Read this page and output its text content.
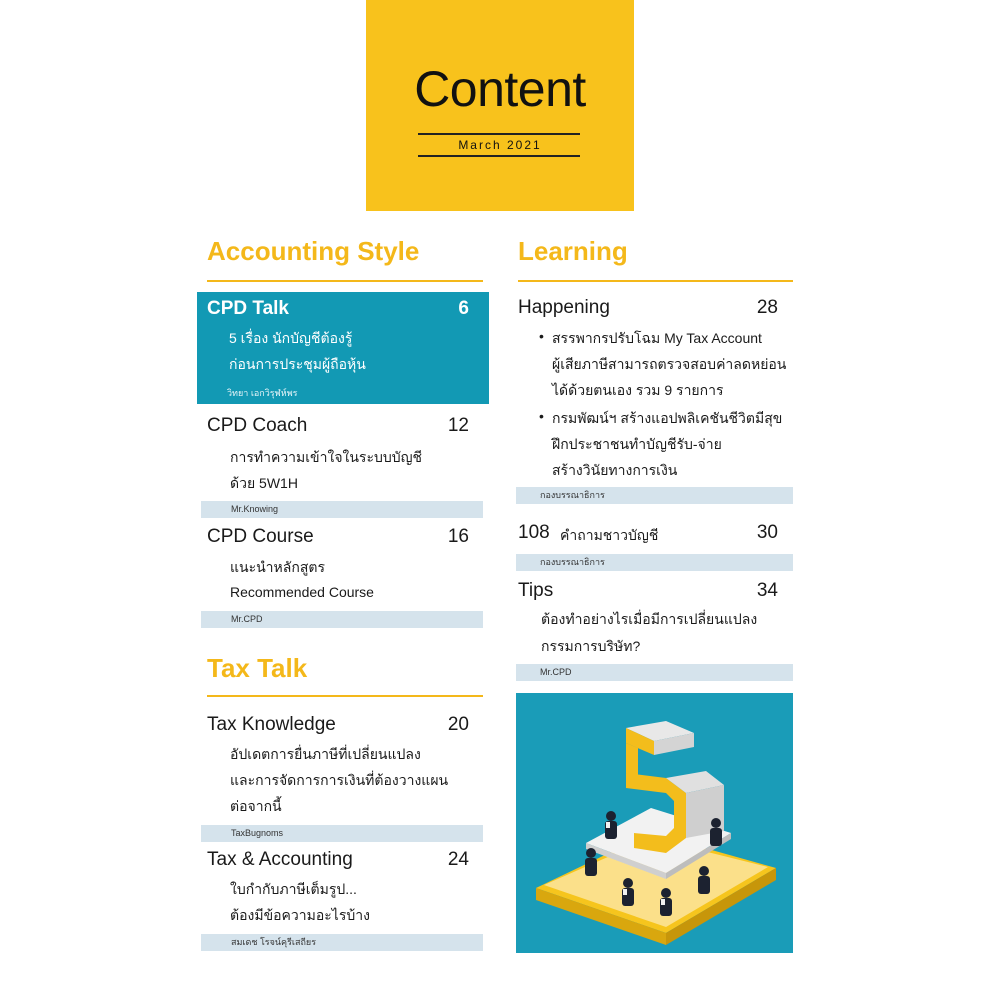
Content
March 2021
Accounting Style
CPD Talk	6
5 เรื่อง นักบัญชีต้องรู้
ก่อนการประชุมผู้ถือหุ้น
วิทยา เอกวิรุฬห์พร
CPD Coach	12
การทำความเข้าใจในระบบบัญชี
ด้วย 5W1H
Mr.Knowing
CPD Course	16
แนะนำหลักสูตร
Recommended Course
Mr.CPD
Tax Talk
Tax Knowledge	20
อัปเดตการยื่นภาษีที่เปลี่ยนแปลง
และการจัดการการเงินที่ต้องวางแผน
ต่อจากนี้
TaxBugnoms
Tax & Accounting	24
ใบกำกับภาษีเต็มรูป...
ต้องมีข้อความอะไรบ้าง
สมเดช โรจน์คุรีเสถียร
Learning
Happening	28
• สรรพากรปรับโฉม My Tax Account
ผู้เสียภาษีสามารถตรวจสอบค่าลดหย่อน
ได้ด้วยตนเอง รวม 9 รายการ
• กรมพัฒน์ฯ สร้างแอปพลิเคชันชีวิตมีสุข
ฝึกประชาชนทำบัญชีรับ-จ่าย
สร้างวินัยทางการเงิน
กองบรรณาธิการ
108 คำถามชาวบัญชี	30
กองบรรณาธิการ
Tips	34
ต้องทำอย่างไรเมื่อมีการเปลี่ยนแปลง
กรรมการบริษัท?
Mr.CPD
